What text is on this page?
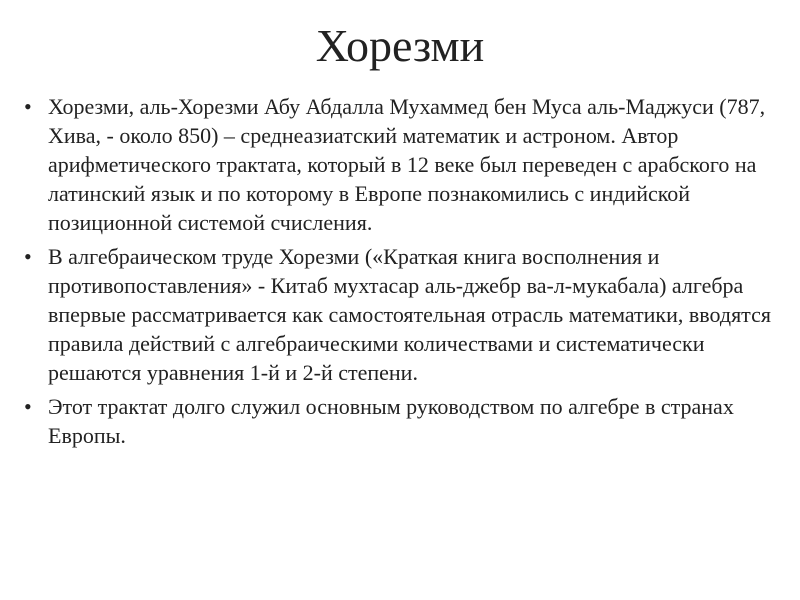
Хорезми
• Хорезми, аль-Хорезми Абу Абдалла Мухаммед бен Муса аль-Маджуси (787, Хива, - около 850) – среднеазиатский математик и астроном. Автор арифметического трактата, который в 12 веке был переведен с арабского на латинский язык и по которому в Европе познакомились с индийской позиционной системой счисления.
• В алгебраическом труде Хорезми («Краткая книга восполнения и противопоставления» - Китаб мухтасар аль-джебр ва-л-мукабала) алгебра впервые рассматривается как самостоятельная отрасль математики, вводятся правила действий с алгебраическими количествами и систематически решаются уравнения 1-й и 2-й степени.
• Этот трактат долго служил основным руководством по алгебре в странах Европы.
